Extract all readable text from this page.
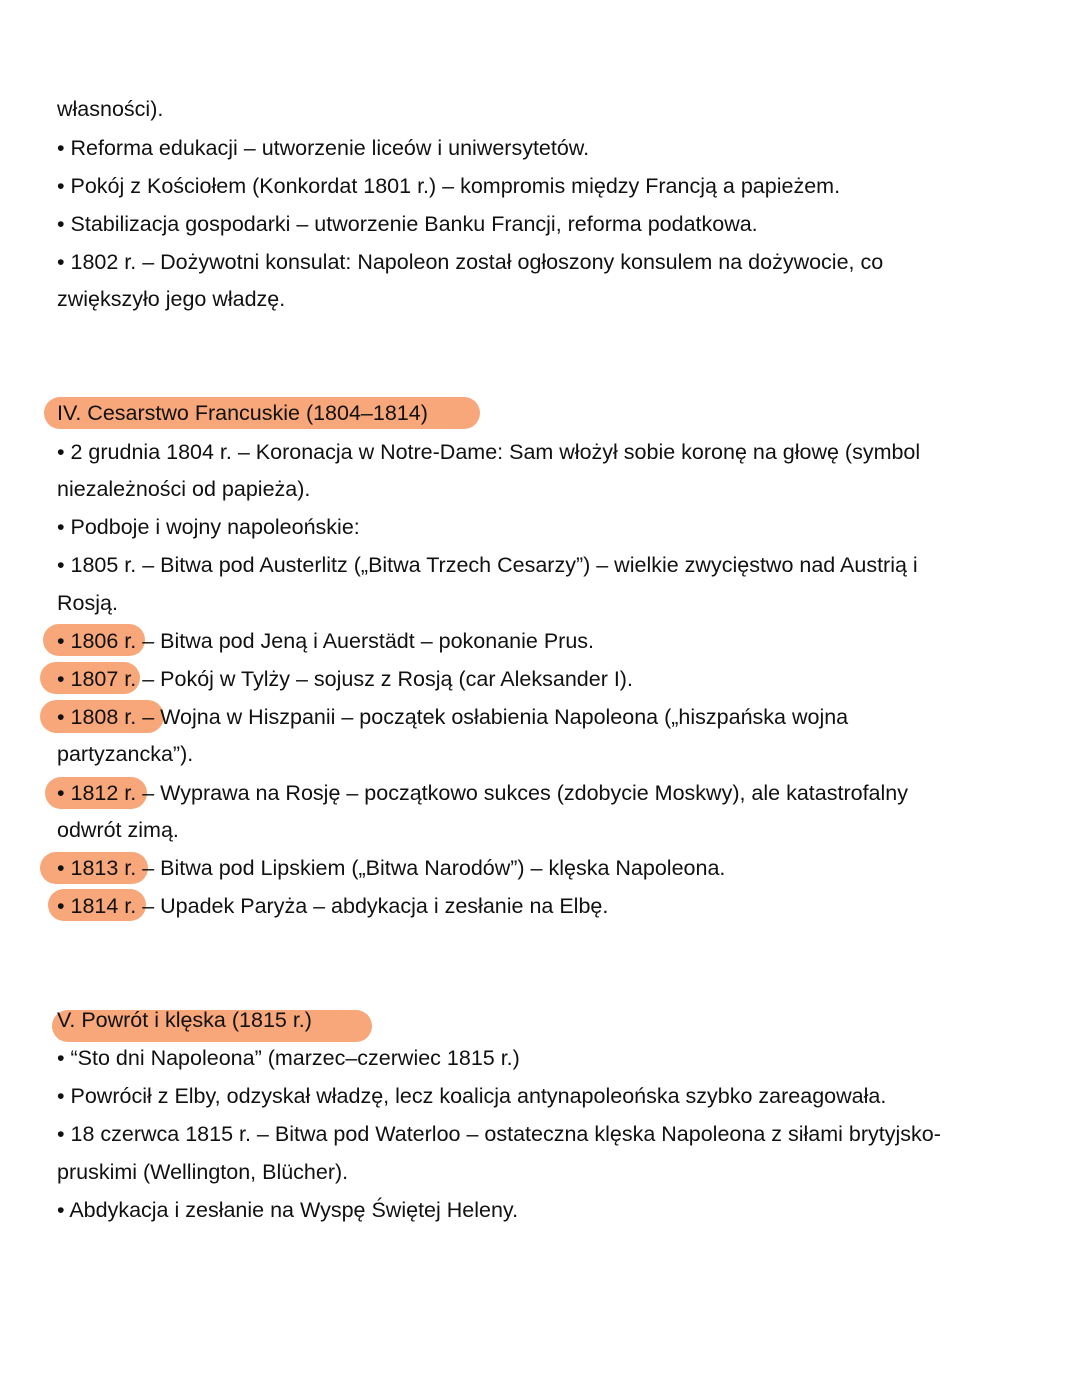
własności).
• Reforma edukacji – utworzenie liceów i uniwersytetów.
• Pokój z Kościołem (Konkordat 1801 r.) – kompromis między Francją a papieżem.
• Stabilizacja gospodarki – utworzenie Banku Francji, reforma podatkowa.
• 1802 r. – Dożywotni konsulat: Napoleon został ogłoszony konsulem na dożywocie, co
zwiększyło jego władzę.
IV. Cesarstwo Francuskie (1804–1814)
• 2 grudnia 1804 r. – Koronacja w Notre-Dame: Sam włożył sobie koronę na głowę (symbol
niezależności od papieża).
• Podboje i wojny napoleońskie:
• 1805 r. – Bitwa pod Austerlitz („Bitwa Trzech Cesarzy”) – wielkie zwycięstwo nad Austrią i
Rosją.
• 1806 r. – Bitwa pod Jeną i Auerstädt – pokonanie Prus.
• 1807 r. – Pokój w Tylży – sojusz z Rosją (car Aleksander I).
• 1808 r. – Wojna w Hiszpanii – początek osłabienia Napoleona („hiszpańska wojna
partyzancka”).
• 1812 r. – Wyprawa na Rosję – początkowo sukces (zdobycie Moskwy), ale katastrofalny
odwrót zimą.
• 1813 r. – Bitwa pod Lipskiem („Bitwa Narodów”) – klęska Napoleona.
• 1814 r. – Upadek Paryża – abdykacja i zesłanie na Elbę.
V. Powrót i klęska (1815 r.)
• “Sto dni Napoleona” (marzec–czerwiec 1815 r.)
• Powrócił z Elby, odzyskał władzę, lecz koalicja antynapoleońska szybko zareagowała.
• 18 czerwca 1815 r. – Bitwa pod Waterloo – ostateczna klęska Napoleona z siłami brytyjsko-
pruskimi (Wellington, Blücher).
• Abdykacja i zesłanie na Wyspę Świętej Heleny.
